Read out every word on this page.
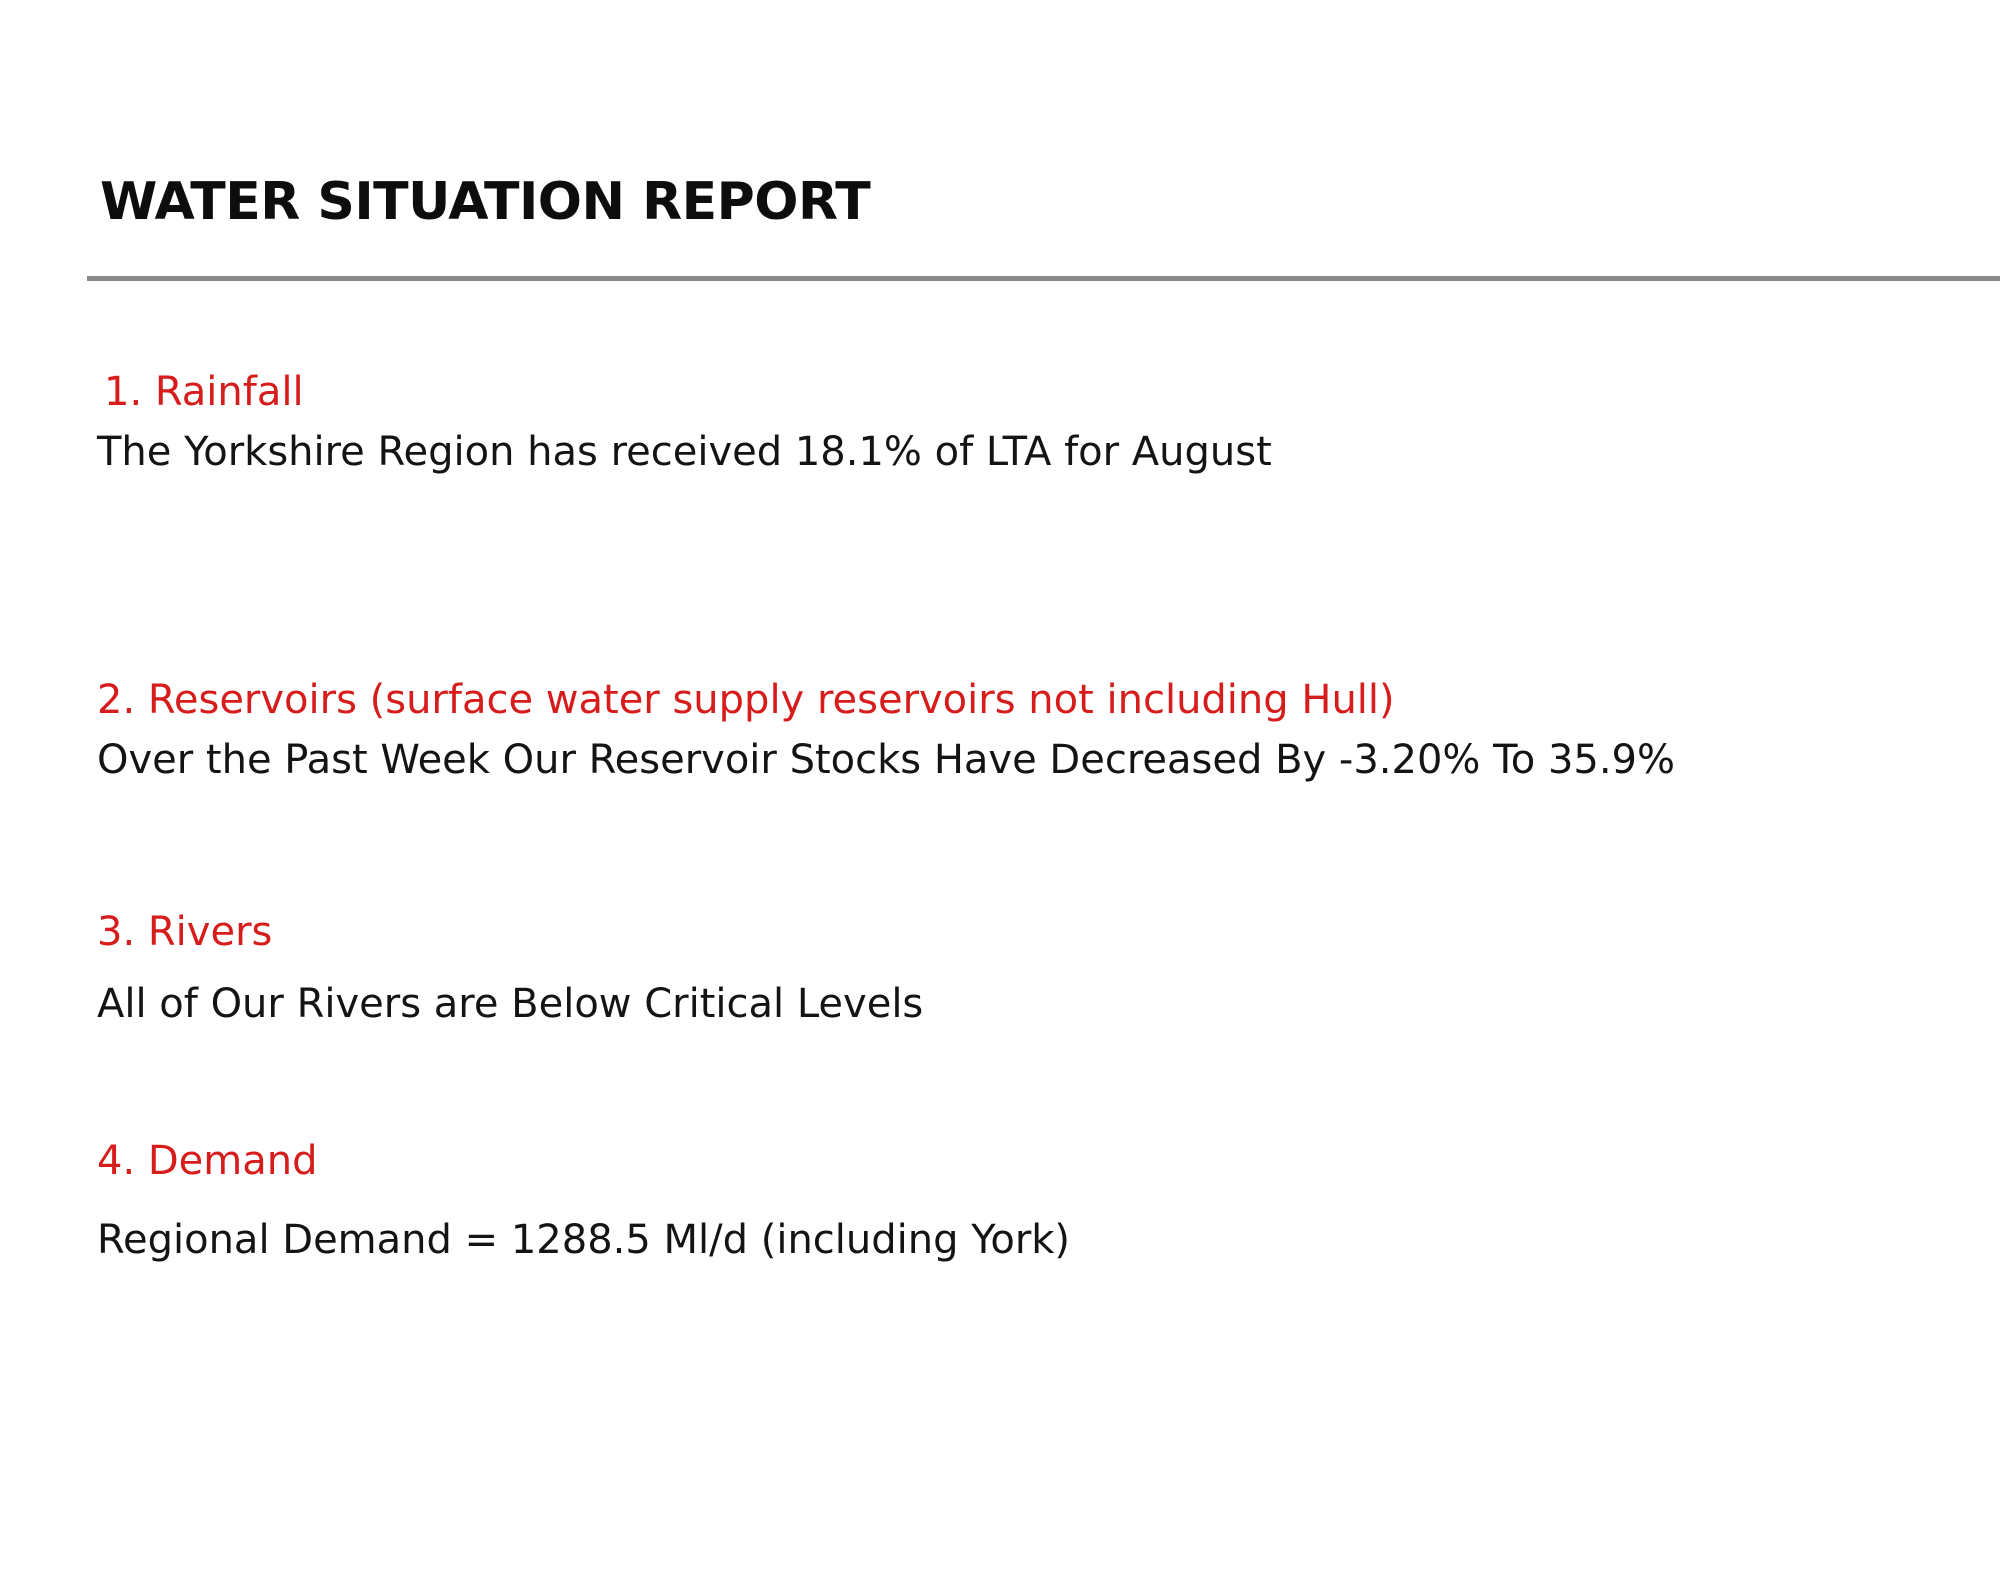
WATER SITUATION REPORT
1. Rainfall

The Yorkshire Region has received 18.1% of LTA for August

2. Reservoirs (surface water supply reservoirs not including Hull)

Over the Past Week Our Reservoir Stocks Have Decreased By -3.20% To 35.9%

3. Rivers

All of Our Rivers are Below Critical Levels

4. Demand

Regional Demand = 1288.5 Ml/d (including York)
